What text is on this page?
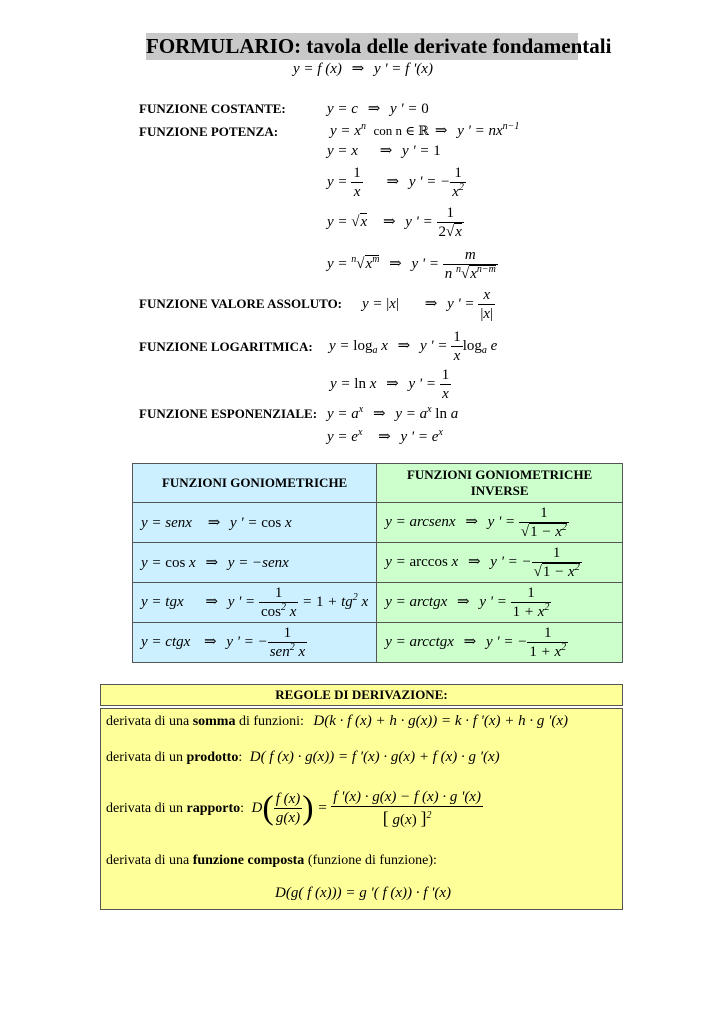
FORMULARIO: tavola delle derivate fondamentali
y = f (x) ⇒ y ' = f '(x)
FUNZIONE COSTANTE:	y = c ⇒ y ' = 0
FUNZIONE POTENZA:	$y = x^n$ con n ∈ ℝ ⇒ y ' = $nx^{n-1}$
y = x ⇒ y ' = 1
$y = \frac{1}{x}$ ⇒ y ' = − $\frac{1}{x^2}$
y = √x ⇒ y ' = $\frac{1}{2√x}$
$y = ^n√x^m$ ⇒ y ' = $\frac{m}{n ^n√x^{n-m}}$
FUNZIONE VALORE ASSOLUTO: y = |x| ⇒ y ' = $\frac{x}{|x|}$
FUNZIONE LOGARITMICA: $y = \log_a x$ ⇒ y ' = $\frac{1}{x} \log_a e$
y = ln x ⇒ y ' = $\frac{1}{x}$
FUNZIONE ESPONENZIALE: $y = a^x$ ⇒ $y = a^x$ ln a
$y = e^x$ ⇒ y ' = $e^x$
FUNZIONI GONIOMETRICHE	FUNZIONI GONIOMETRICHE INVERSE
y = senx ⇒ y ' = cos x	y = arcsenx ⇒ y ' = $\frac{1}{√1 - x^2}$

y = cos x ⇒ y = −senx	y = arccos x ⇒ y ' = − $\frac{1}{√1 - x^2}$

y = tgx ⇒ y ' = $\frac{1}{\cos^2 x} = 1 + tg^2$ x	y = arctgx ⇒ y ' = $\frac{1}{1 + x^2}$

y = ctgx ⇒ y ' = − $\frac{1}{sen^2 x}$	y = arcctgx ⇒ y ' = − $\frac{1}{1 + x^2}$
REGOLE DI DERIVAZIONE:
derivata di una somma di funzioni: D(k · f (x) + h · g(x)) = k · f '(x) + h · g '(x)
derivata di un prodotto: D( f (x) · g(x)) = f '(x) · g(x) + f (x) · g '(x)
derivata di un rapporto: $D( \frac{f (x)}{g(x)}$ ) = $\frac{f '(x) \cdot g(x) - f (x) \cdot g '(x)}{[ g(x) ]^2}$
derivata di una funzione composta (funzione di funzione):
D(g( f (x))) = g '( f (x)) · f '(x)
